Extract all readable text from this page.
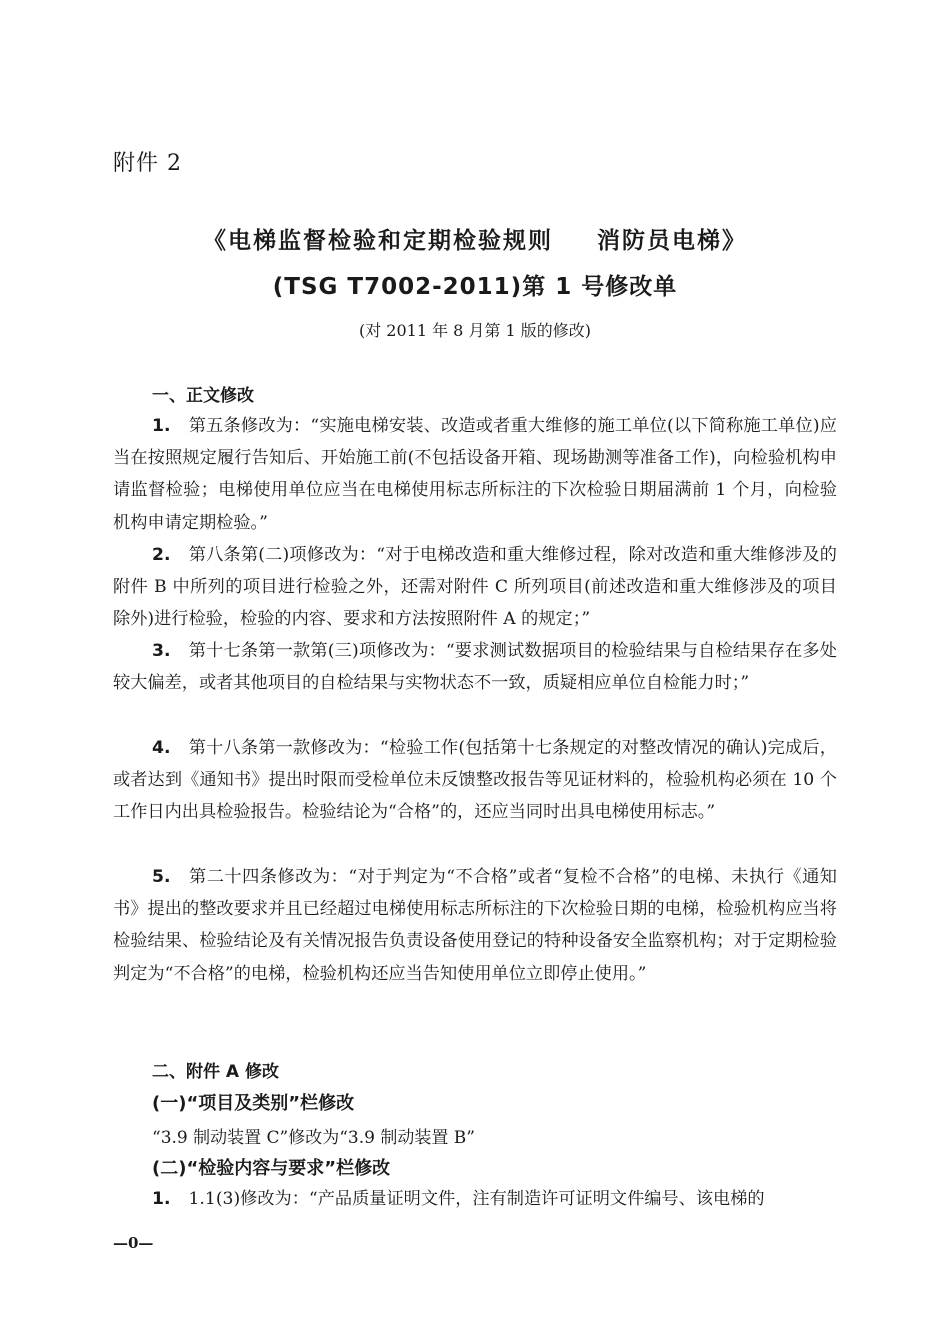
附件 2
《电梯监督检验和定期检验规则 消防员电梯》
(TSG T7002-2011)第 1 号修改单
(对 2011 年 8 月第 1 版的修改)
一、正文修改
1. 第五条修改为：“实施电梯安装、改造或者重大维修的施工单位(以下简称施工单位)应当在按照规定履行告知后、开始施工前(不包括设备开箱、现场勘测等准备工作)，向检验机构申请监督检验；电梯使用单位应当在电梯使用标志所标注的下次检验日期届满前 1 个月，向检验机构申请定期检验。”
2. 第八条第(二)项修改为：“对于电梯改造和重大维修过程，除对改造和重大维修涉及的附件 B 中所列的项目进行检验之外，还需对附件 C 所列项目(前述改造和重大维修涉及的项目除外)进行检验，检验的内容、要求和方法按照附件 A 的规定；”
3. 第十七条第一款第(三)项修改为：“要求测试数据项目的检验结果与自检结果存在多处较大偏差，或者其他项目的自检结果与实物状态不一致，质疑相应单位自检能力时；”
4. 第十八条第一款修改为：“检验工作(包括第十七条规定的对整改情况的确认)完成后，或者达到《通知书》提出时限而受检单位未反馈整改报告等见证材料的，检验机构必须在 10 个工作日内出具检验报告。检验结论为“合格”的，还应当同时出具电梯使用标志。”
5. 第二十四条修改为：“对于判定为“不合格”或者“复检不合格”的电梯、未执行《通知书》提出的整改要求并且已经超过电梯使用标志所标注的下次检验日期的电梯，检验机构应当将检验结果、检验结论及有关情况报告负责设备使用登记的特种设备安全监察机构；对于定期检验判定为“不合格”的电梯，检验机构还应当告知使用单位立即停止使用。”
二、附件 A 修改
(一)“项目及类别”栏修改
“3.9 制动装置 C”修改为“3.9 制动装置 B”
(二)“检验内容与要求”栏修改
1. 1.1(3)修改为：“产品质量证明文件，注有制造许可证明文件编号、该电梯的
—0—
